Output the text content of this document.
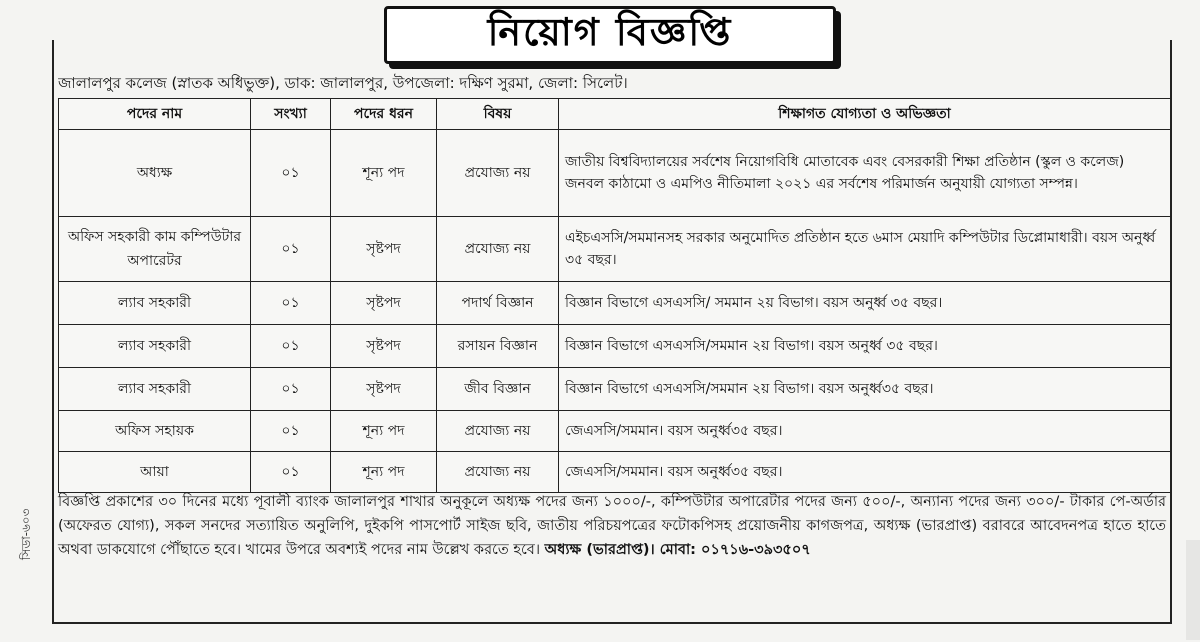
নিয়োগ বিজ্ঞপ্তি
জালালপুর কলেজ (স্নাতক অধিভুক্ত), ডাক: জালালপুর, উপজেলা: দক্ষিণ সুরমা, জেলা: সিলেট।
পদের নাম	সংখ্যা	পদের ধরন	বিষয়	শিক্ষাগত যোগ্যতা ও অভিজ্ঞতা
অধ্যক্ষ	০১	শূন্য পদ	প্রযোজ্য নয়	জাতীয় বিশ্ববিদ্যালয়ের সর্বশেষ নিয়োগবিধি মোতাবেক এবং বেসরকারী শিক্ষা প্রতিষ্ঠান (স্কুল ও কলেজ) জনবল কাঠামো ও এমপিও নীতিমালা ২০২১ এর সর্বশেষ পরিমার্জন অনুযায়ী যোগ্যতা সম্পন্ন।
অফিস সহকারী কাম কম্পিউটার অপারেটর	০১	সৃষ্টপদ	প্রযোজ্য নয়	এইচএসসি/সমমানসহ সরকার অনুমোদিত প্রতিষ্ঠান হতে ৬মাস মেয়াদি কম্পিউটার ডিপ্লোমাধারী। বয়স অনুর্ধ্ব ৩৫ বছর।
ল্যাব সহকারী	০১	সৃষ্টপদ	পদার্থ বিজ্ঞান	বিজ্ঞান বিভাগে এসএসসি/ সমমান ২য় বিভাগ। বয়স অনুর্ধ্ব ৩৫ বছর।
ল্যাব সহকারী	০১	সৃষ্টপদ	রসায়ন বিজ্ঞান	বিজ্ঞান বিভাগে এসএসসি/সমমান ২য় বিভাগ। বয়স অনুর্ধ্ব ৩৫ বছর।
ল্যাব সহকারী	০১	সৃষ্টপদ	জীব বিজ্ঞান	বিজ্ঞান বিভাগে এসএসসি/সমমান ২য় বিভাগ। বয়স অনুর্ধ্ব৩৫ বছর।
অফিস সহায়ক	০১	শূন্য পদ	প্রযোজ্য নয়	জেএসসি/সমমান। বয়স অনুর্ধ্ব৩৫ বছর।
আয়া	০১	শূন্য পদ	প্রযোজ্য নয়	জেএসসি/সমমান। বয়স অনুর্ধ্ব৩৫ বছর।
বিজ্ঞপ্তি প্রকাশের ৩০ দিনের মধ্যে পূবালী ব্যাংক জালালপুর শাখার অনুকূলে অধ্যক্ষ পদের জন্য ১০০০/-, কম্পিউটার অপারেটার পদের জন্য ৫০০/-, অন্যান্য পদের জন্য ৩০০/- টাকার পে-অর্ডার (অফেরত যোগ্য), সকল সনদের সত্যায়িত অনুলিপি, দুইকপি পাসপোর্ট সাইজ ছবি, জাতীয় পরিচয়পত্রের ফটোকপিসহ প্রয়োজনীয় কাগজপত্র, অধ্যক্ষ (ভারপ্রাপ্ত) বরাবরে আবেদনপত্র হাতে হাতে অথবা ডাকযোগে পৌঁছাতে হবে। খামের উপরে অবশ্যই পদের নাম উল্লেখ করতে হবে। অধ্যক্ষ (ভারপ্রাপ্ত)। মোবা: ০১৭১৬-৩৯৩৫০৭
সিডা-৬০৩
